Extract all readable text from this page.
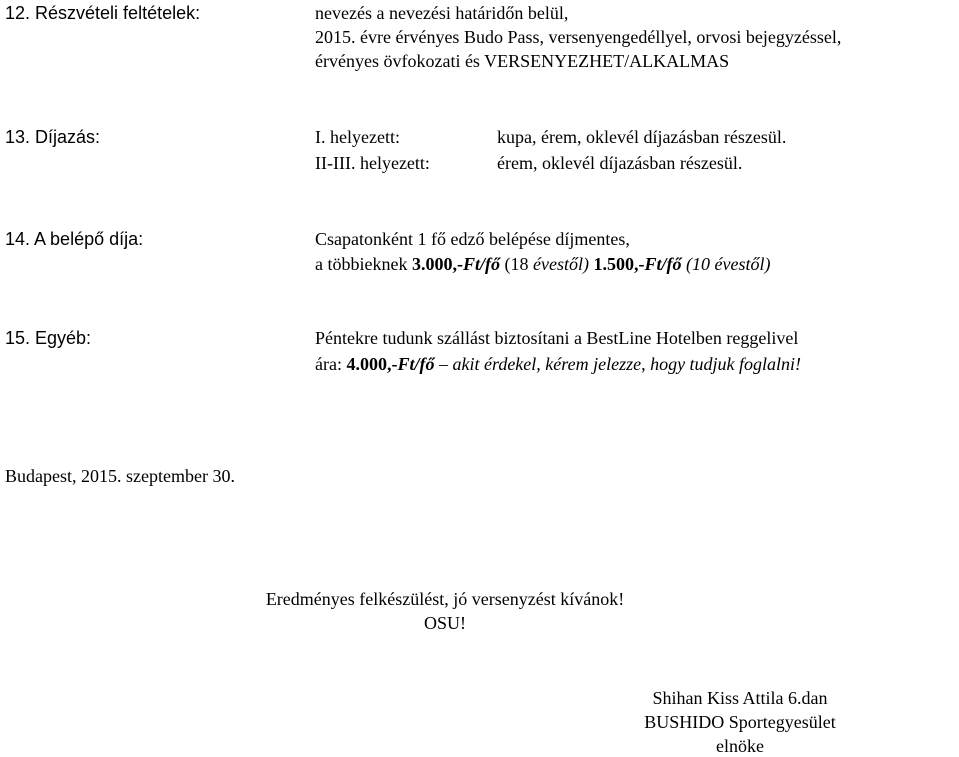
12. Részvételi feltételek:	nevezés a nevezési határidőn belül,
2015. évre érvényes Budo Pass, versenyengedéllyel, orvosi bejegyzéssel,
érvényes övfokozati és VERSENYEZHET/ALKALMAS
13. Díjazás:	I. helyezett:	kupa, érem, oklevél díjazásban részesül.
II-III. helyezett:	érem, oklevél díjazásban részesül.
14. A belépő díja:	Csapatonként 1 fő edző belépése díjmentes,
a többieknek 3.000,-Ft/fő (18 évestől) 1.500,-Ft/fő (10 évestől)
15. Egyéb:	Péntekre tudunk szállást biztosítani a BestLine Hotelben reggelivel
ára: 4.000,-Ft/fő – akit érdekel, kérem jelezze, hogy tudjuk foglalni!
Budapest, 2015. szeptember 30.
Eredményes felkészülést, jó versenyzést kívánok!
OSU!
Shihan Kiss Attila 6.dan
BUSHIDO Sportegyesület
elnöke
